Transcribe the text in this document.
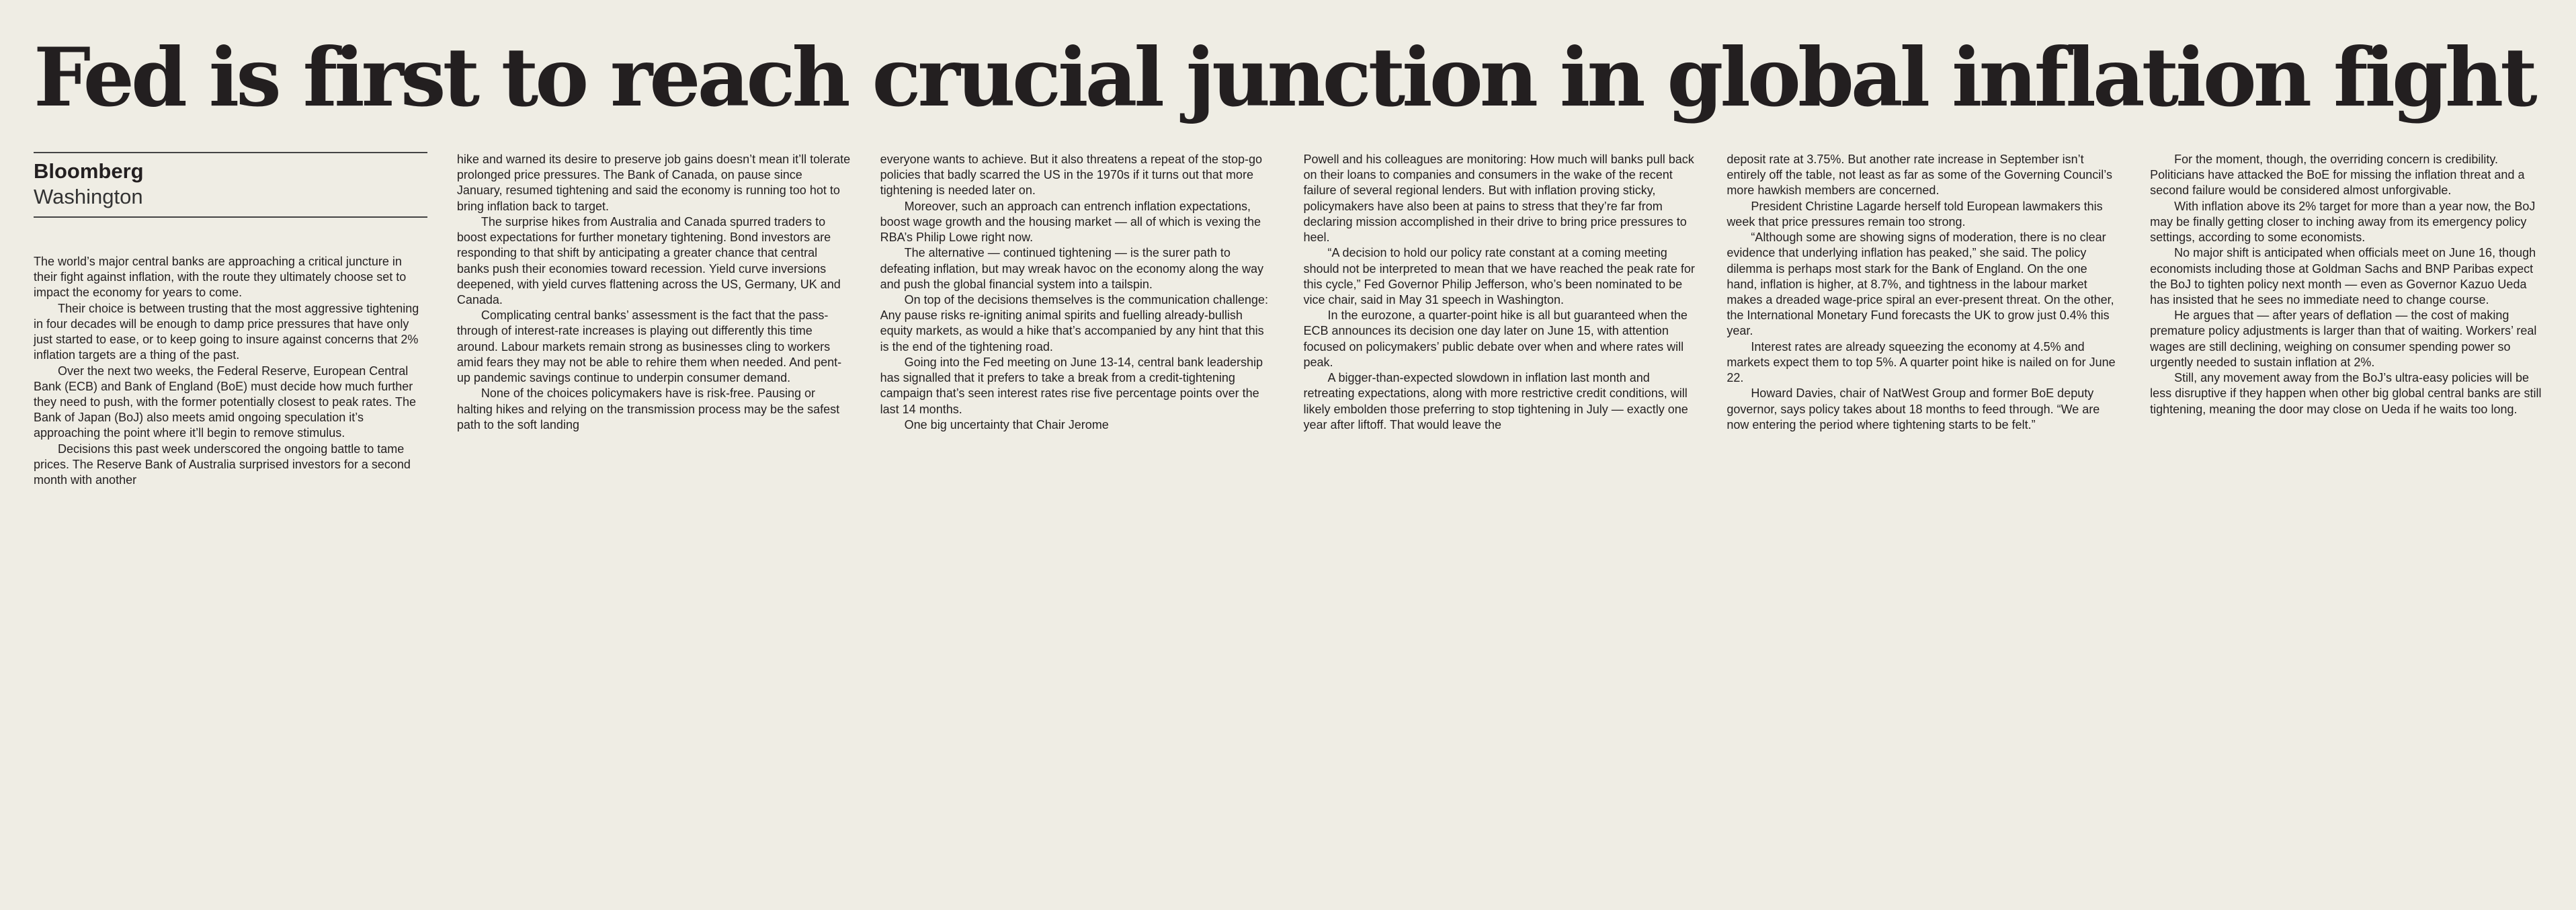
Fed is first to reach crucial junction in global inflation fight
Bloomberg
Washington

The world’s major central banks are approaching a critical juncture in their fight against inflation, with the route they ultimately choose set to impact the economy for years to come.

Their choice is between trusting that the most aggressive tightening in four decades will be enough to damp price pressures that have only just started to ease, or to keep going to insure against concerns that 2% inflation targets are a thing of the past.

Over the next two weeks, the Federal Reserve, European Central Bank (ECB) and Bank of England (BoE) must decide how much further they need to push, with the former potentially closest to peak rates. The Bank of Japan (BoJ) also meets amid ongoing speculation it’s approaching the point where it’ll begin to remove stimulus.

Decisions this past week underscored the ongoing battle to tame prices. The Reserve Bank of Australia surprised investors for a second month with another

hike and warned its desire to preserve job gains doesn’t mean it’ll tolerate prolonged price pressures. The Bank of Canada, on pause since January, resumed tightening and said the economy is running too hot to bring inflation back to target.

The surprise hikes from Australia and Canada spurred traders to boost expectations for further monetary tightening. Bond investors are responding to that shift by anticipating a greater chance that central banks push their economies toward recession. Yield curve inversions deepened, with yield curves flattening across the US, Germany, UK and Canada.

Complicating central banks’ assessment is the fact that the pass-through of interest-rate increases is playing out differently this time around. Labour markets remain strong as businesses cling to workers amid fears they may not be able to rehire them when needed. And pent-up pandemic savings continue to underpin consumer demand.

None of the choices policymakers have is risk-free. Pausing or halting hikes and relying on the transmission process may be the safest path to the soft landing

everyone wants to achieve. But it also threatens a repeat of the stop-go policies that badly scarred the US in the 1970s if it turns out that more tightening is needed later on.

Moreover, such an approach can entrench inflation expectations, boost wage growth and the housing market — all of which is vexing the RBA’s Philip Lowe right now.

The alternative — continued tightening — is the surer path to defeating inflation, but may wreak havoc on the economy along the way and push the global financial system into a tailspin.

On top of the decisions themselves is the communication challenge: Any pause risks re-igniting animal spirits and fuelling already-bullish equity markets, as would a hike that’s accompanied by any hint that this is the end of the tightening road.

Going into the Fed meeting on June 13-14, central bank leadership has signalled that it prefers to take a break from a credit-tightening campaign that’s seen interest rates rise five percentage points over the last 14 months.

One big uncertainty that Chair Jerome

Powell and his colleagues are monitoring: How much will banks pull back on their loans to companies and consumers in the wake of the recent failure of several regional lenders. But with inflation proving sticky, policymakers have also been at pains to stress that they’re far from declaring mission accomplished in their drive to bring price pressures to heel.

“A decision to hold our policy rate constant at a coming meeting should not be interpreted to mean that we have reached the peak rate for this cycle,” Fed Governor Philip Jefferson, who’s been nominated to be vice chair, said in May 31 speech in Washington.

In the eurozone, a quarter-point hike is all but guaranteed when the ECB announces its decision one day later on June 15, with attention focused on policymakers’ public debate over when and where rates will peak.

A bigger-than-expected slowdown in inflation last month and retreating expectations, along with more restrictive credit conditions, will likely embolden those preferring to stop tightening in July — exactly one year after liftoff. That would leave the

deposit rate at 3.75%. But another rate increase in September isn’t entirely off the table, not least as far as some of the Governing Council’s more hawkish members are concerned.

President Christine Lagarde herself told European lawmakers this week that price pressures remain too strong.

“Although some are showing signs of moderation, there is no clear evidence that underlying inflation has peaked,” she said. The policy dilemma is perhaps most stark for the Bank of England. On the one hand, inflation is higher, at 8.7%, and tightness in the labour market makes a dreaded wage-price spiral an ever-present threat. On the other, the International Monetary Fund forecasts the UK to grow just 0.4% this year.

Interest rates are already squeezing the economy at 4.5% and markets expect them to top 5%. A quarter point hike is nailed on for June 22.

Howard Davies, chair of NatWest Group and former BoE deputy governor, says policy takes about 18 months to feed through. “We are now entering the period where tightening starts to be felt.”

For the moment, though, the overriding concern is credibility. Politicians have attacked the BoE for missing the inflation threat and a second failure would be considered almost unforgivable.

With inflation above its 2% target for more than a year now, the BoJ may be finally getting closer to inching away from its emergency policy settings, according to some economists.

No major shift is anticipated when officials meet on June 16, though economists including those at Goldman Sachs and BNP Paribas expect the BoJ to tighten policy next month — even as Governor Kazuo Ueda has insisted that he sees no immediate need to change course.

He argues that — after years of deflation — the cost of making premature policy adjustments is larger than that of waiting. Workers’ real wages are still declining, weighing on consumer spending power so urgently needed to sustain inflation at 2%.

Still, any movement away from the BoJ’s ultra-easy policies will be less disruptive if they happen when other big global central banks are still tightening, meaning the door may close on Ueda if he waits too long.
